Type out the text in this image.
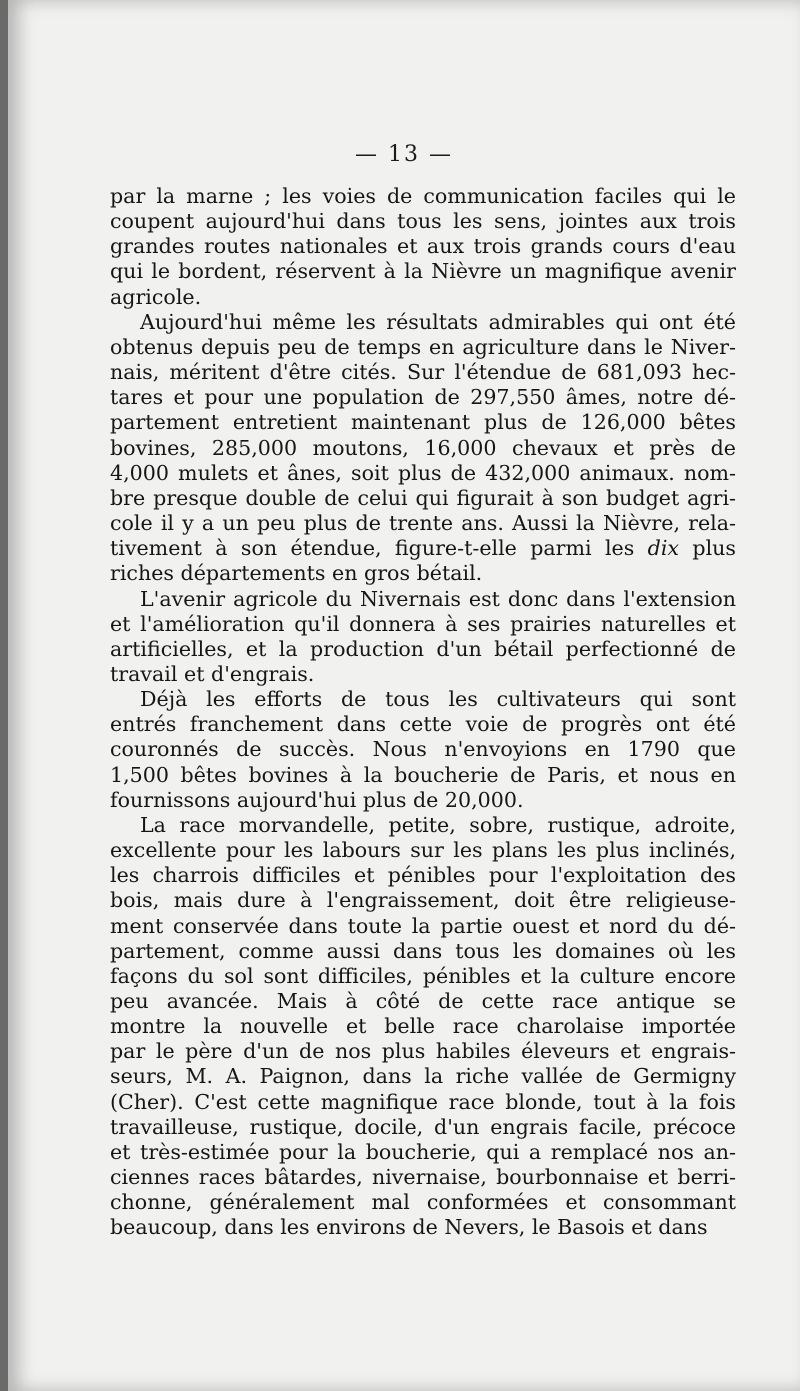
— 13 —
par la marne ; les voies de communication faciles qui le
coupent aujourd'hui dans tous les sens, jointes aux trois
grandes routes nationales et aux trois grands cours d'eau
qui le bordent, réservent à la Nièvre un magnifique avenir
agricole.
Aujourd'hui même les résultats admirables qui ont été
obtenus depuis peu de temps en agriculture dans le Niver-
nais, méritent d'être cités. Sur l'étendue de 681,093 hec-
tares et pour une population de 297,550 âmes, notre dé-
partement entretient maintenant plus de 126,000 bêtes
bovines, 285,000 moutons, 16,000 chevaux et près de
4,000 mulets et ânes, soit plus de 432,000 animaux. nom-
bre presque double de celui qui figurait à son budget agri-
cole il y a un peu plus de trente ans. Aussi la Nièvre, rela-
tivement à son étendue, figure-t-elle parmi les dix plus
riches départements en gros bétail.
L'avenir agricole du Nivernais est donc dans l'extension
et l'amélioration qu'il donnera à ses prairies naturelles et
artificielles, et la production d'un bétail perfectionné de
travail et d'engrais.
Déjà les efforts de tous les cultivateurs qui sont
entrés franchement dans cette voie de progrès ont été
couronnés de succès. Nous n'envoyions en 1790 que
1,500 bêtes bovines à la boucherie de Paris, et nous en
fournissons aujourd'hui plus de 20,000.
La race morvandelle, petite, sobre, rustique, adroite,
excellente pour les labours sur les plans les plus inclinés,
les charrois difficiles et pénibles pour l'exploitation des
bois, mais dure à l'engraissement, doit être religieuse-
ment conservée dans toute la partie ouest et nord du dé-
partement, comme aussi dans tous les domaines où les
façons du sol sont difficiles, pénibles et la culture encore
peu avancée. Mais à côté de cette race antique se
montre la nouvelle et belle race charolaise importée
par le père d'un de nos plus habiles éleveurs et engrais-
seurs, M. A. Paignon, dans la riche vallée de Germigny
(Cher). C'est cette magnifique race blonde, tout à la fois
travailleuse, rustique, docile, d'un engrais facile, précoce
et très-estimée pour la boucherie, qui a remplacé nos an-
ciennes races bâtardes, nivernaise, bourbonnaise et berri-
chonne, généralement mal conformées et consommant
beaucoup, dans les environs de Nevers, le Basois et dans
